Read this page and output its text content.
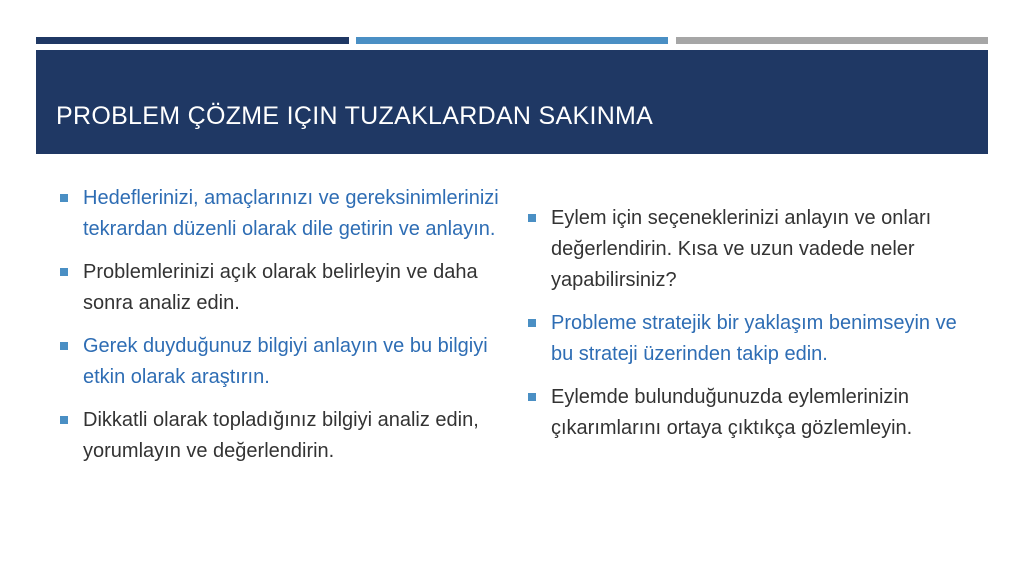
PROBLEM ÇÖZME IÇIN TUZAKLARDAN SAKINMA
Hedeflerinizi, amaçlarınızı ve gereksinimlerinizi tekrardan düzenli olarak dile getirin ve anlayın.
Problemlerinizi açık olarak belirleyin ve daha sonra analiz edin.
Gerek duyduğunuz bilgiyi anlayın ve bu bilgiyi etkin olarak araştırın.
Dikkatli olarak topladığınız bilgiyi analiz edin, yorumlayın ve değerlendirin.
Eylem için seçeneklerinizi anlayın ve onları değerlendirin. Kısa ve uzun vadede neler yapabilirsiniz?
Probleme stratejik bir yaklaşım benimseyin ve bu strateji üzerinden takip edin.
Eylemde bulunduğunuzda eylemlerinizin çıkarımlarını ortaya çıktıkça gözlemleyin.
